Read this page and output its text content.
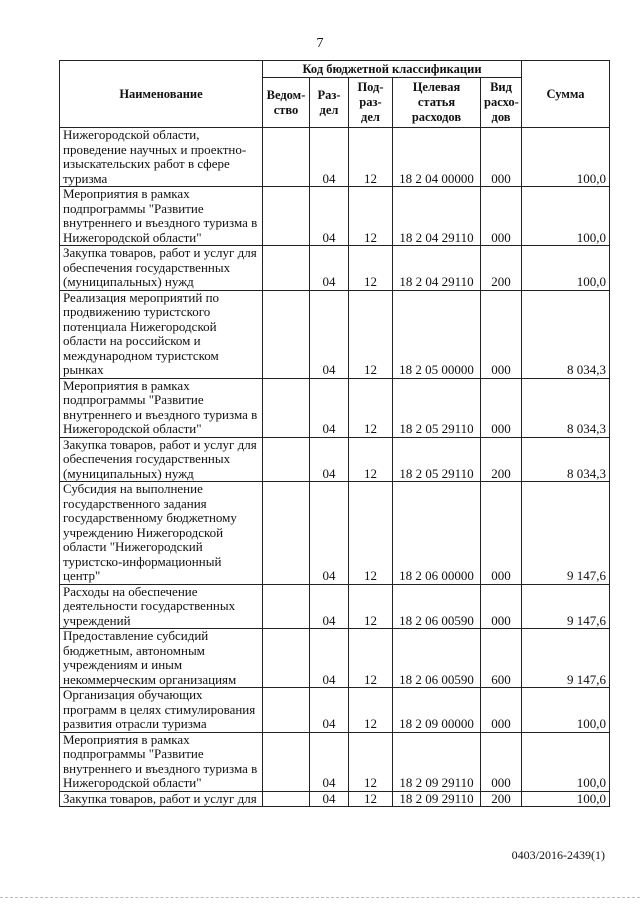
7
Наименование	Код бюджетной классификации					Сумма
	Ведом-ство	Раз-дел	Под-раз-дел	Целевая статья расходов	Вид расхо-дов	
Нижегородской области, проведение научных и проектно-изыскательских работ в сфере туризма		04	12	18 2 04 00000	000	100,0
Мероприятия в рамках подпрограммы "Развитие внутреннего и въездного туризма в Нижегородской области"		04	12	18 2 04 29110	000	100,0
Закупка товаров, работ и услуг для обеспечения государственных (муниципальных) нужд		04	12	18 2 04 29110	200	100,0
Реализация мероприятий по продвижению туристского потенциала Нижегородской области на российском и международном туристском рынках		04	12	18 2 05 00000	000	8 034,3
Мероприятия в рамках подпрограммы "Развитие внутреннего и въездного туризма в Нижегородской области"		04	12	18 2 05 29110	000	8 034,3
Закупка товаров, работ и услуг для обеспечения государственных (муниципальных) нужд		04	12	18 2 05 29110	200	8 034,3
Субсидия на выполнение государственного задания государственному бюджетному учреждению Нижегородской области "Нижегородский туристско-информационный центр"		04	12	18 2 06 00000	000	9 147,6
Расходы на обеспечение деятельности государственных учреждений		04	12	18 2 06 00590	000	9 147,6
Предоставление субсидий бюджетным, автономным учреждениям и иным некоммерческим организациям		04	12	18 2 06 00590	600	9 147,6
Организация обучающих программ в целях стимулирования развития отрасли туризма		04	12	18 2 09 00000	000	100,0
Мероприятия в рамках подпрограммы "Развитие внутреннего и въездного туризма в Нижегородской области"		04	12	18 2 09 29110	000	100,0
Закупка товаров, работ и услуг для		04	12	18 2 09 29110	200	100,0
0403/2016-2439(1)
